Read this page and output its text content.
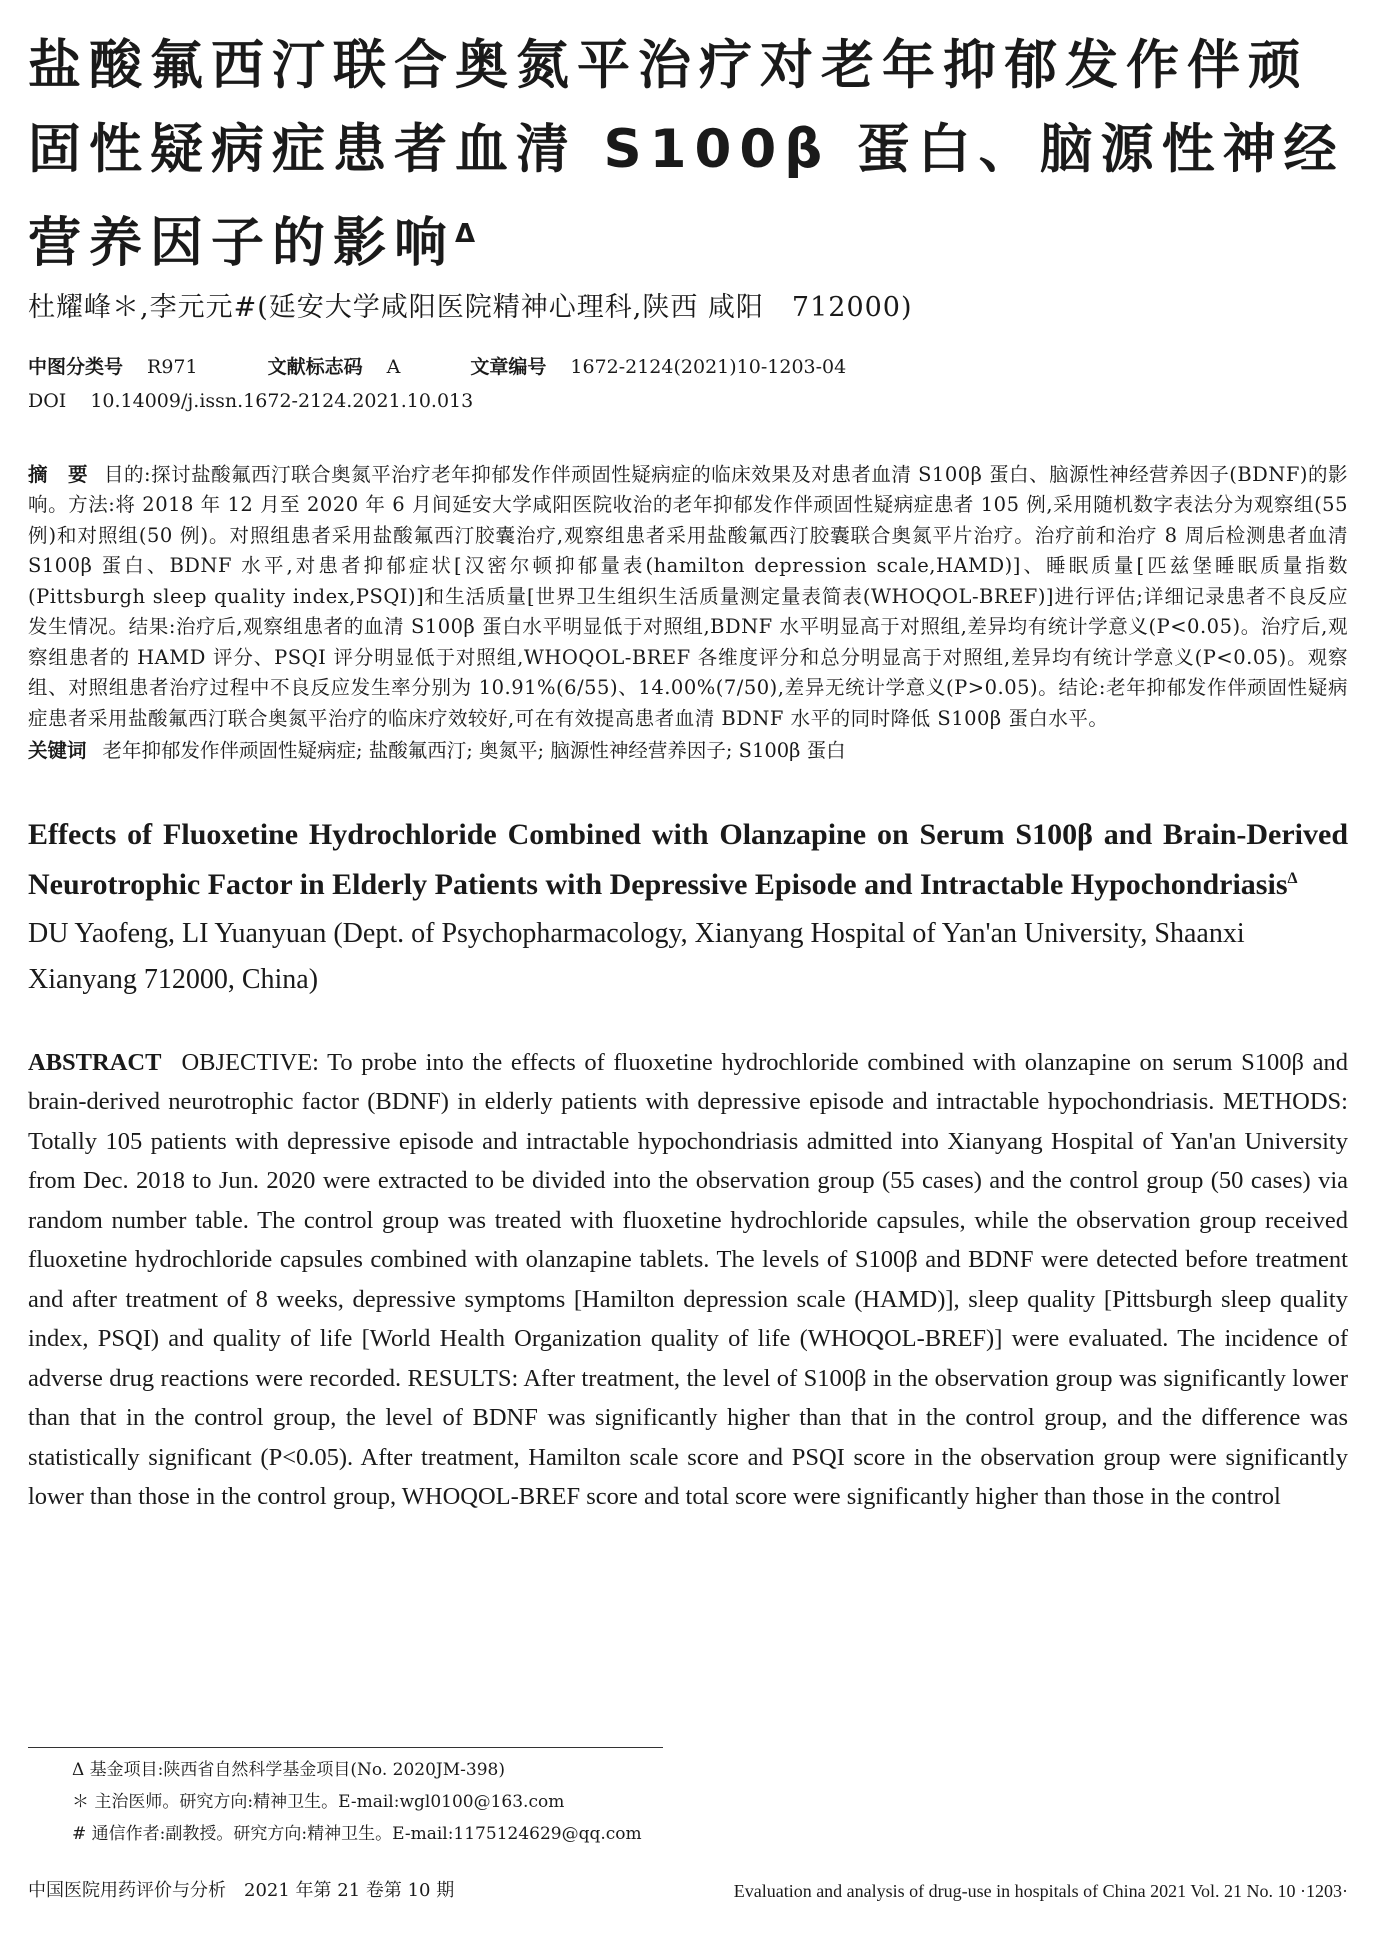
盐酸氟西汀联合奥氮平治疗对老年抑郁发作伴顽固性疑病症患者血清 S100β 蛋白、脑源性神经营养因子的影响$^\Delta$
杜耀峰＊,李元元#(延安大学咸阳医院精神心理科,陕西 咸阳　712000)
中图分类号 R971	文献标志码 A	文章编号 1672-2124(2021)10-1203-04
DOI 10.14009/j.issn.1672-2124.2021.10.013
摘　要 目的:探讨盐酸氟西汀联合奥氮平治疗老年抑郁发作伴顽固性疑病症的临床效果及对患者血清 S100β 蛋白、脑源性神经营养因子(BDNF)的影响。方法:将 2018 年 12 月至 2020 年 6 月间延安大学咸阳医院收治的老年抑郁发作伴顽固性疑病症患者 105 例,采用随机数字表法分为观察组(55 例)和对照组(50 例)。对照组患者采用盐酸氟西汀胶囊治疗,观察组患者采用盐酸氟西汀胶囊联合奥氮平片治疗。治疗前和治疗 8 周后检测患者血清 S100β 蛋白、BDNF 水平,对患者抑郁症状[汉密尔顿抑郁量表(hamilton depression scale,HAMD)]、睡眠质量[匹兹堡睡眠质量指数(Pittsburgh sleep quality index,PSQI)]和生活质量[世界卫生组织生活质量测定量表简表(WHOQOL-BREF)]进行评估;详细记录患者不良反应发生情况。结果:治疗后,观察组患者的血清 S100β 蛋白水平明显低于对照组,BDNF 水平明显高于对照组,差异均有统计学意义(P<0.05)。治疗后,观察组患者的 HAMD 评分、PSQI 评分明显低于对照组,WHOQOL-BREF 各维度评分和总分明显高于对照组,差异均有统计学意义(P<0.05)。观察组、对照组患者治疗过程中不良反应发生率分别为 10.91%(6/55)、14.00%(7/50),差异无统计学意义(P>0.05)。结论:老年抑郁发作伴顽固性疑病症患者采用盐酸氟西汀联合奥氮平治疗的临床疗效较好,可在有效提高患者血清 BDNF 水平的同时降低 S100β 蛋白水平。
关键词 老年抑郁发作伴顽固性疑病症; 盐酸氟西汀; 奥氮平; 脑源性神经营养因子; S100β 蛋白
Effects of Fluoxetine Hydrochloride Combined with Olanzapine on Serum S100β and Brain-Derived Neurotrophic Factor in Elderly Patients with Depressive Episode and Intractable Hypochondriasis$^\Delta$
DU Yaofeng, LI Yuanyuan (Dept. of Psychopharmacology, Xianyang Hospital of Yan'an University, Shaanxi Xianyang 712000, China)
ABSTRACT OBJECTIVE: To probe into the effects of fluoxetine hydrochloride combined with olanzapine on serum S100β and brain-derived neurotrophic factor (BDNF) in elderly patients with depressive episode and intractable hypochondriasis. METHODS: Totally 105 patients with depressive episode and intractable hypochondriasis admitted into Xianyang Hospital of Yan'an University from Dec. 2018 to Jun. 2020 were extracted to be divided into the observation group (55 cases) and the control group (50 cases) via random number table. The control group was treated with fluoxetine hydrochloride capsules, while the observation group received fluoxetine hydrochloride capsules combined with olanzapine tablets. The levels of S100β and BDNF were detected before treatment and after treatment of 8 weeks, depressive symptoms [Hamilton depression scale (HAMD)], sleep quality [Pittsburgh sleep quality index, PSQI) and quality of life [World Health Organization quality of life (WHOQOL-BREF)] were evaluated. The incidence of adverse drug reactions were recorded. RESULTS: After treatment, the level of S100β in the observation group was significantly lower than that in the control group, the level of BDNF was significantly higher than that in the control group, and the difference was statistically significant (P<0.05). After treatment, Hamilton scale score and PSQI score in the observation group were significantly lower than those in the control group, WHOQOL-BREF score and total score were significantly higher than those in the control
Δ 基金项目:陕西省自然科学基金项目(No. 2020JM-398)
＊ 主治医师。研究方向:精神卫生。E-mail:wgl0100@163.com
# 通信作者:副教授。研究方向:精神卫生。E-mail:1175124629@qq.com
中国医院用药评价与分析　2021 年第 21 卷第 10 期	Evaluation and analysis of drug-use in hospitals of China 2021 Vol. 21 No. 10 ·1203·
